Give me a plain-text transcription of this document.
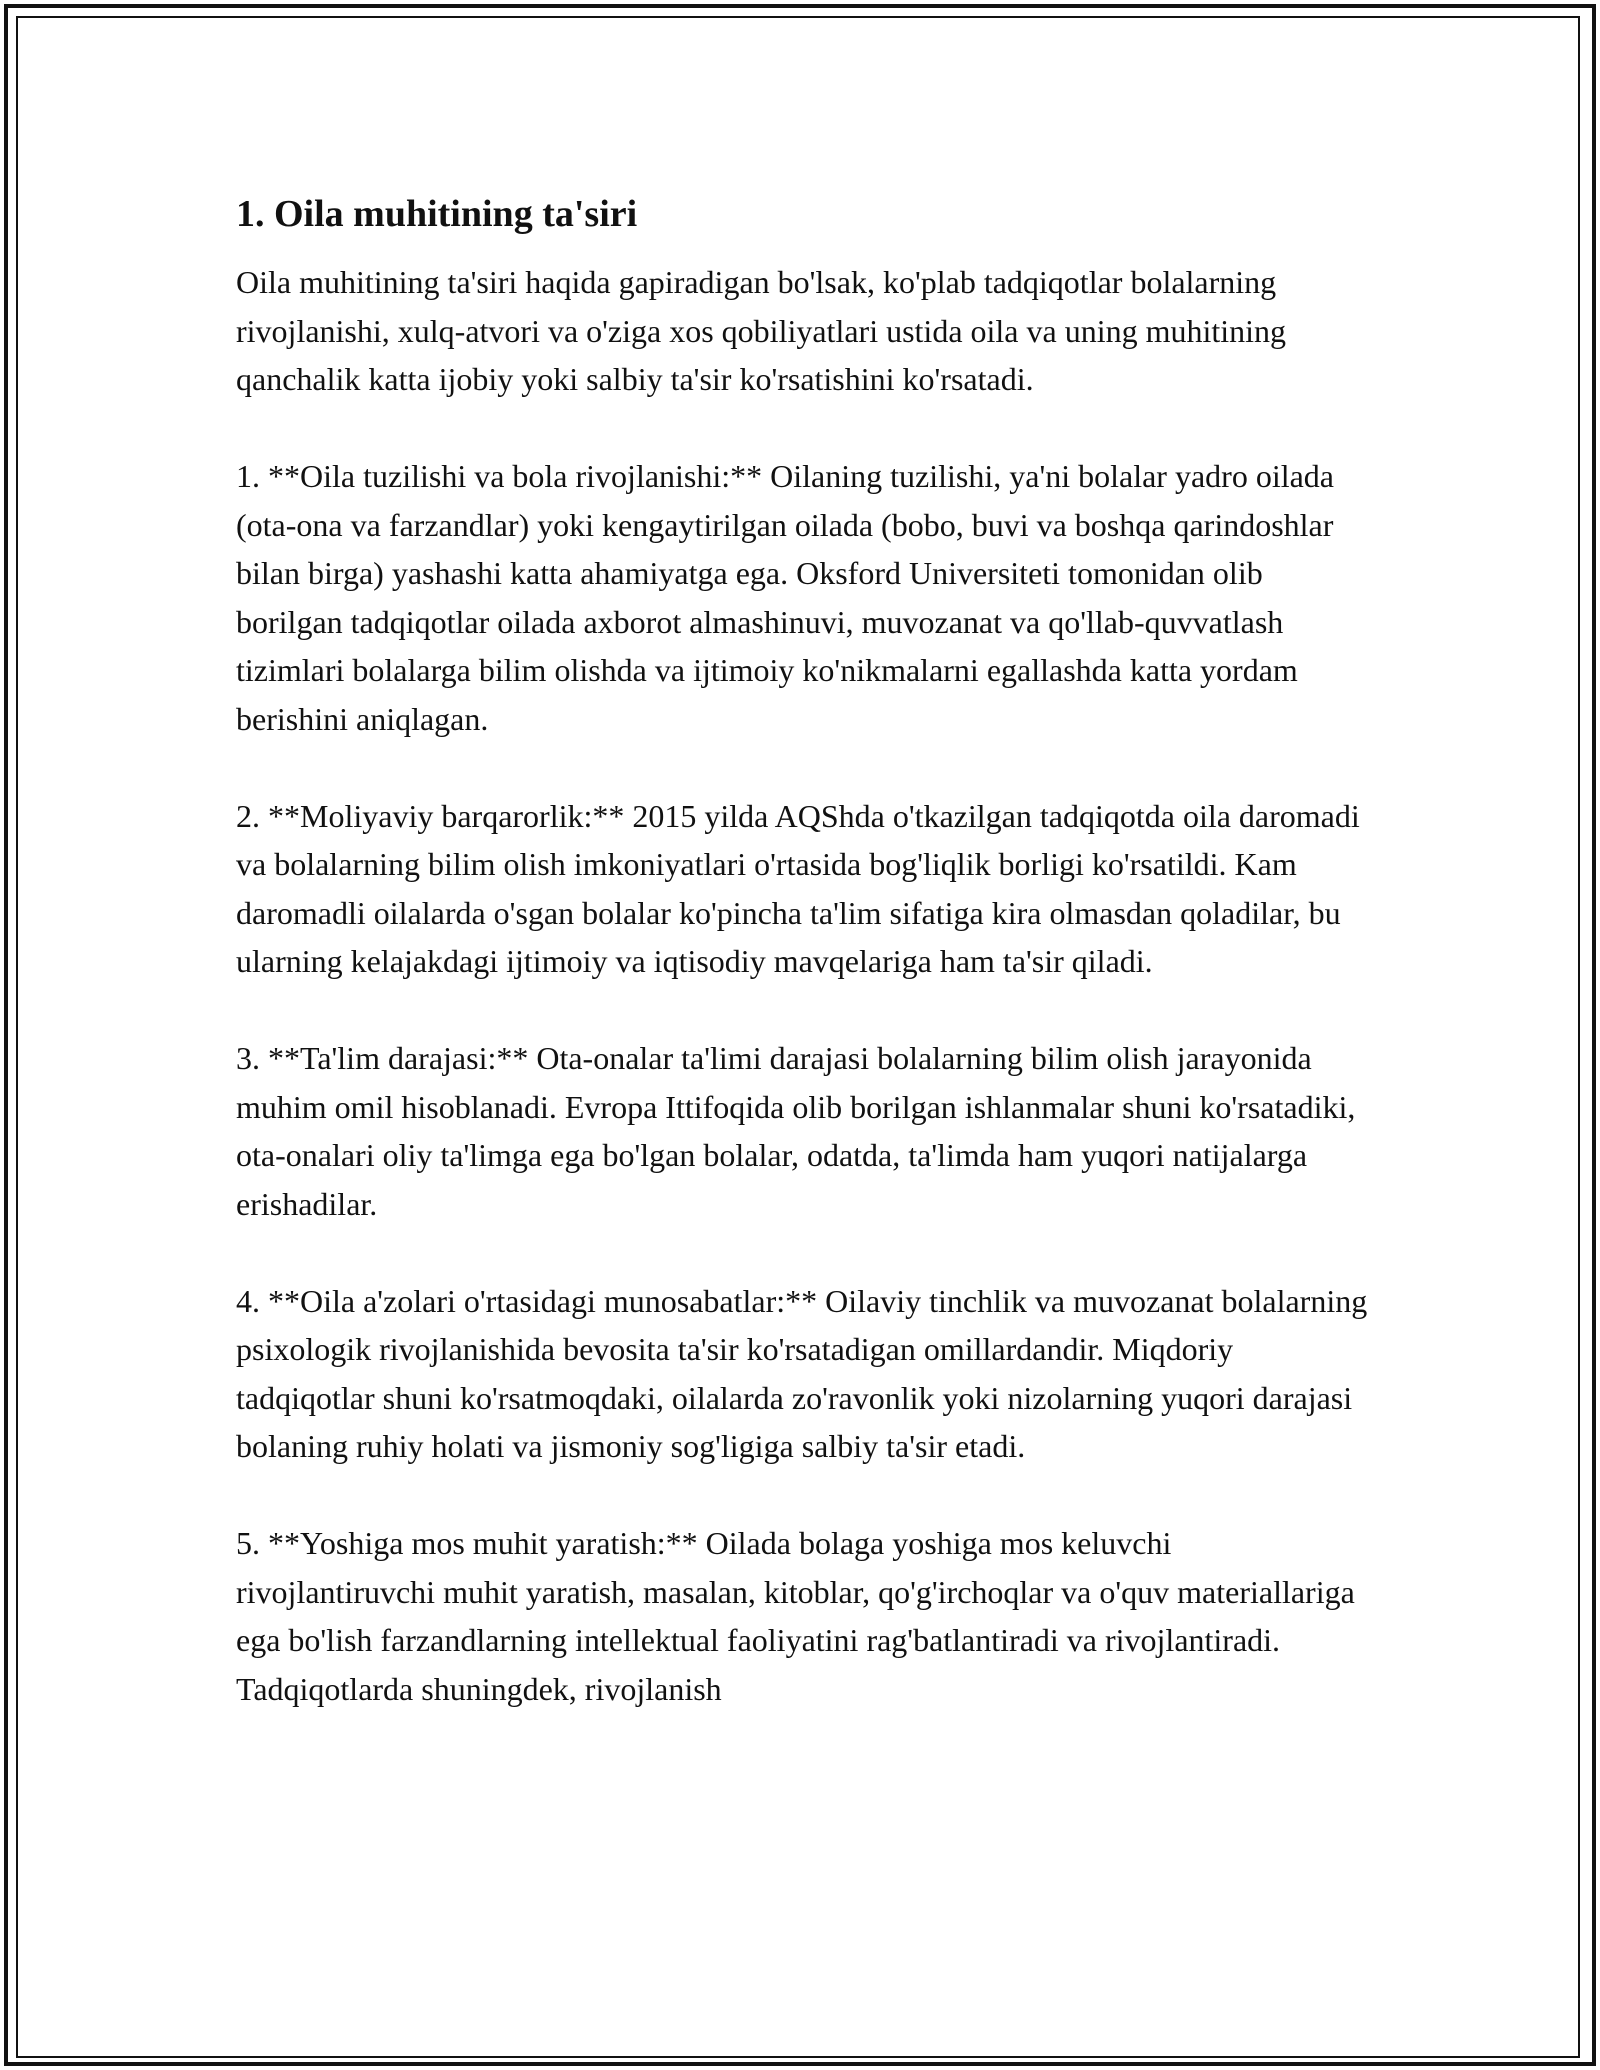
1. Oila muhitining ta'siri

Oila muhitining ta'siri haqida gapiradigan bo'lsak, ko'plab tadqiqotlar bolalarning rivojlanishi, xulq-atvori va o'ziga xos qobiliyatlari ustida oila va uning muhitining qanchalik katta ijobiy yoki salbiy ta'sir ko'rsatishini ko'rsatadi.

1. **Oila tuzilishi va bola rivojlanishi:** Oilaning tuzilishi, ya'ni bolalar yadro oilada (ota-ona va farzandlar) yoki kengaytirilgan oilada (bobo, buvi va boshqa qarindoshlar bilan birga) yashashi katta ahamiyatga ega. Oksford Universiteti tomonidan olib borilgan tadqiqotlar oilada axborot almashinuvi, muvozanat va qo'llab-quvvatlash tizimlari bolalarga bilim olishda va ijtimoiy ko'nikmalarni egallashda katta yordam berishini aniqlagan.

2. **Moliyaviy barqarorlik:** 2015 yilda AQShda o'tkazilgan tadqiqotda oila daromadi va bolalarning bilim olish imkoniyatlari o'rtasida bog'liqlik borligi ko'rsatildi. Kam daromadli oilalarda o'sgan bolalar ko'pincha ta'lim sifatiga kira olmasdan qoladilar, bu ularning kelajakdagi ijtimoiy va iqtisodiy mavqelariga ham ta'sir qiladi.

3. **Ta'lim darajasi:** Ota-onalar ta'limi darajasi bolalarning bilim olish jarayonida muhim omil hisoblanadi. Evropa Ittifoqida olib borilgan ishlanmalar shuni ko'rsatadiki, ota-onalari oliy ta'limga ega bo'lgan bolalar, odatda, ta'limda ham yuqori natijalarga erishadilar.

4. **Oila a'zolari o'rtasidagi munosabatlar:** Oilaviy tinchlik va muvozanat bolalarning psixologik rivojlanishida bevosita ta'sir ko'rsatadigan omillardandir. Miqdoriy tadqiqotlar shuni ko'rsatmoqdaki, oilalarda zo'ravonlik yoki nizolarning yuqori darajasi bolaning ruhiy holati va jismoniy sog'ligiga salbiy ta'sir etadi.

5. **Yoshiga mos muhit yaratish:** Oilada bolaga yoshiga mos keluvchi rivojlantiruvchi muhit yaratish, masalan, kitoblar, qo'g'irchoqlar va o'quv materiallariga ega bo'lish farzandlarning intellektual faoliyatini rag'batlantiradi va rivojlantiradi. Tadqiqotlarda shuningdek, rivojlanish
